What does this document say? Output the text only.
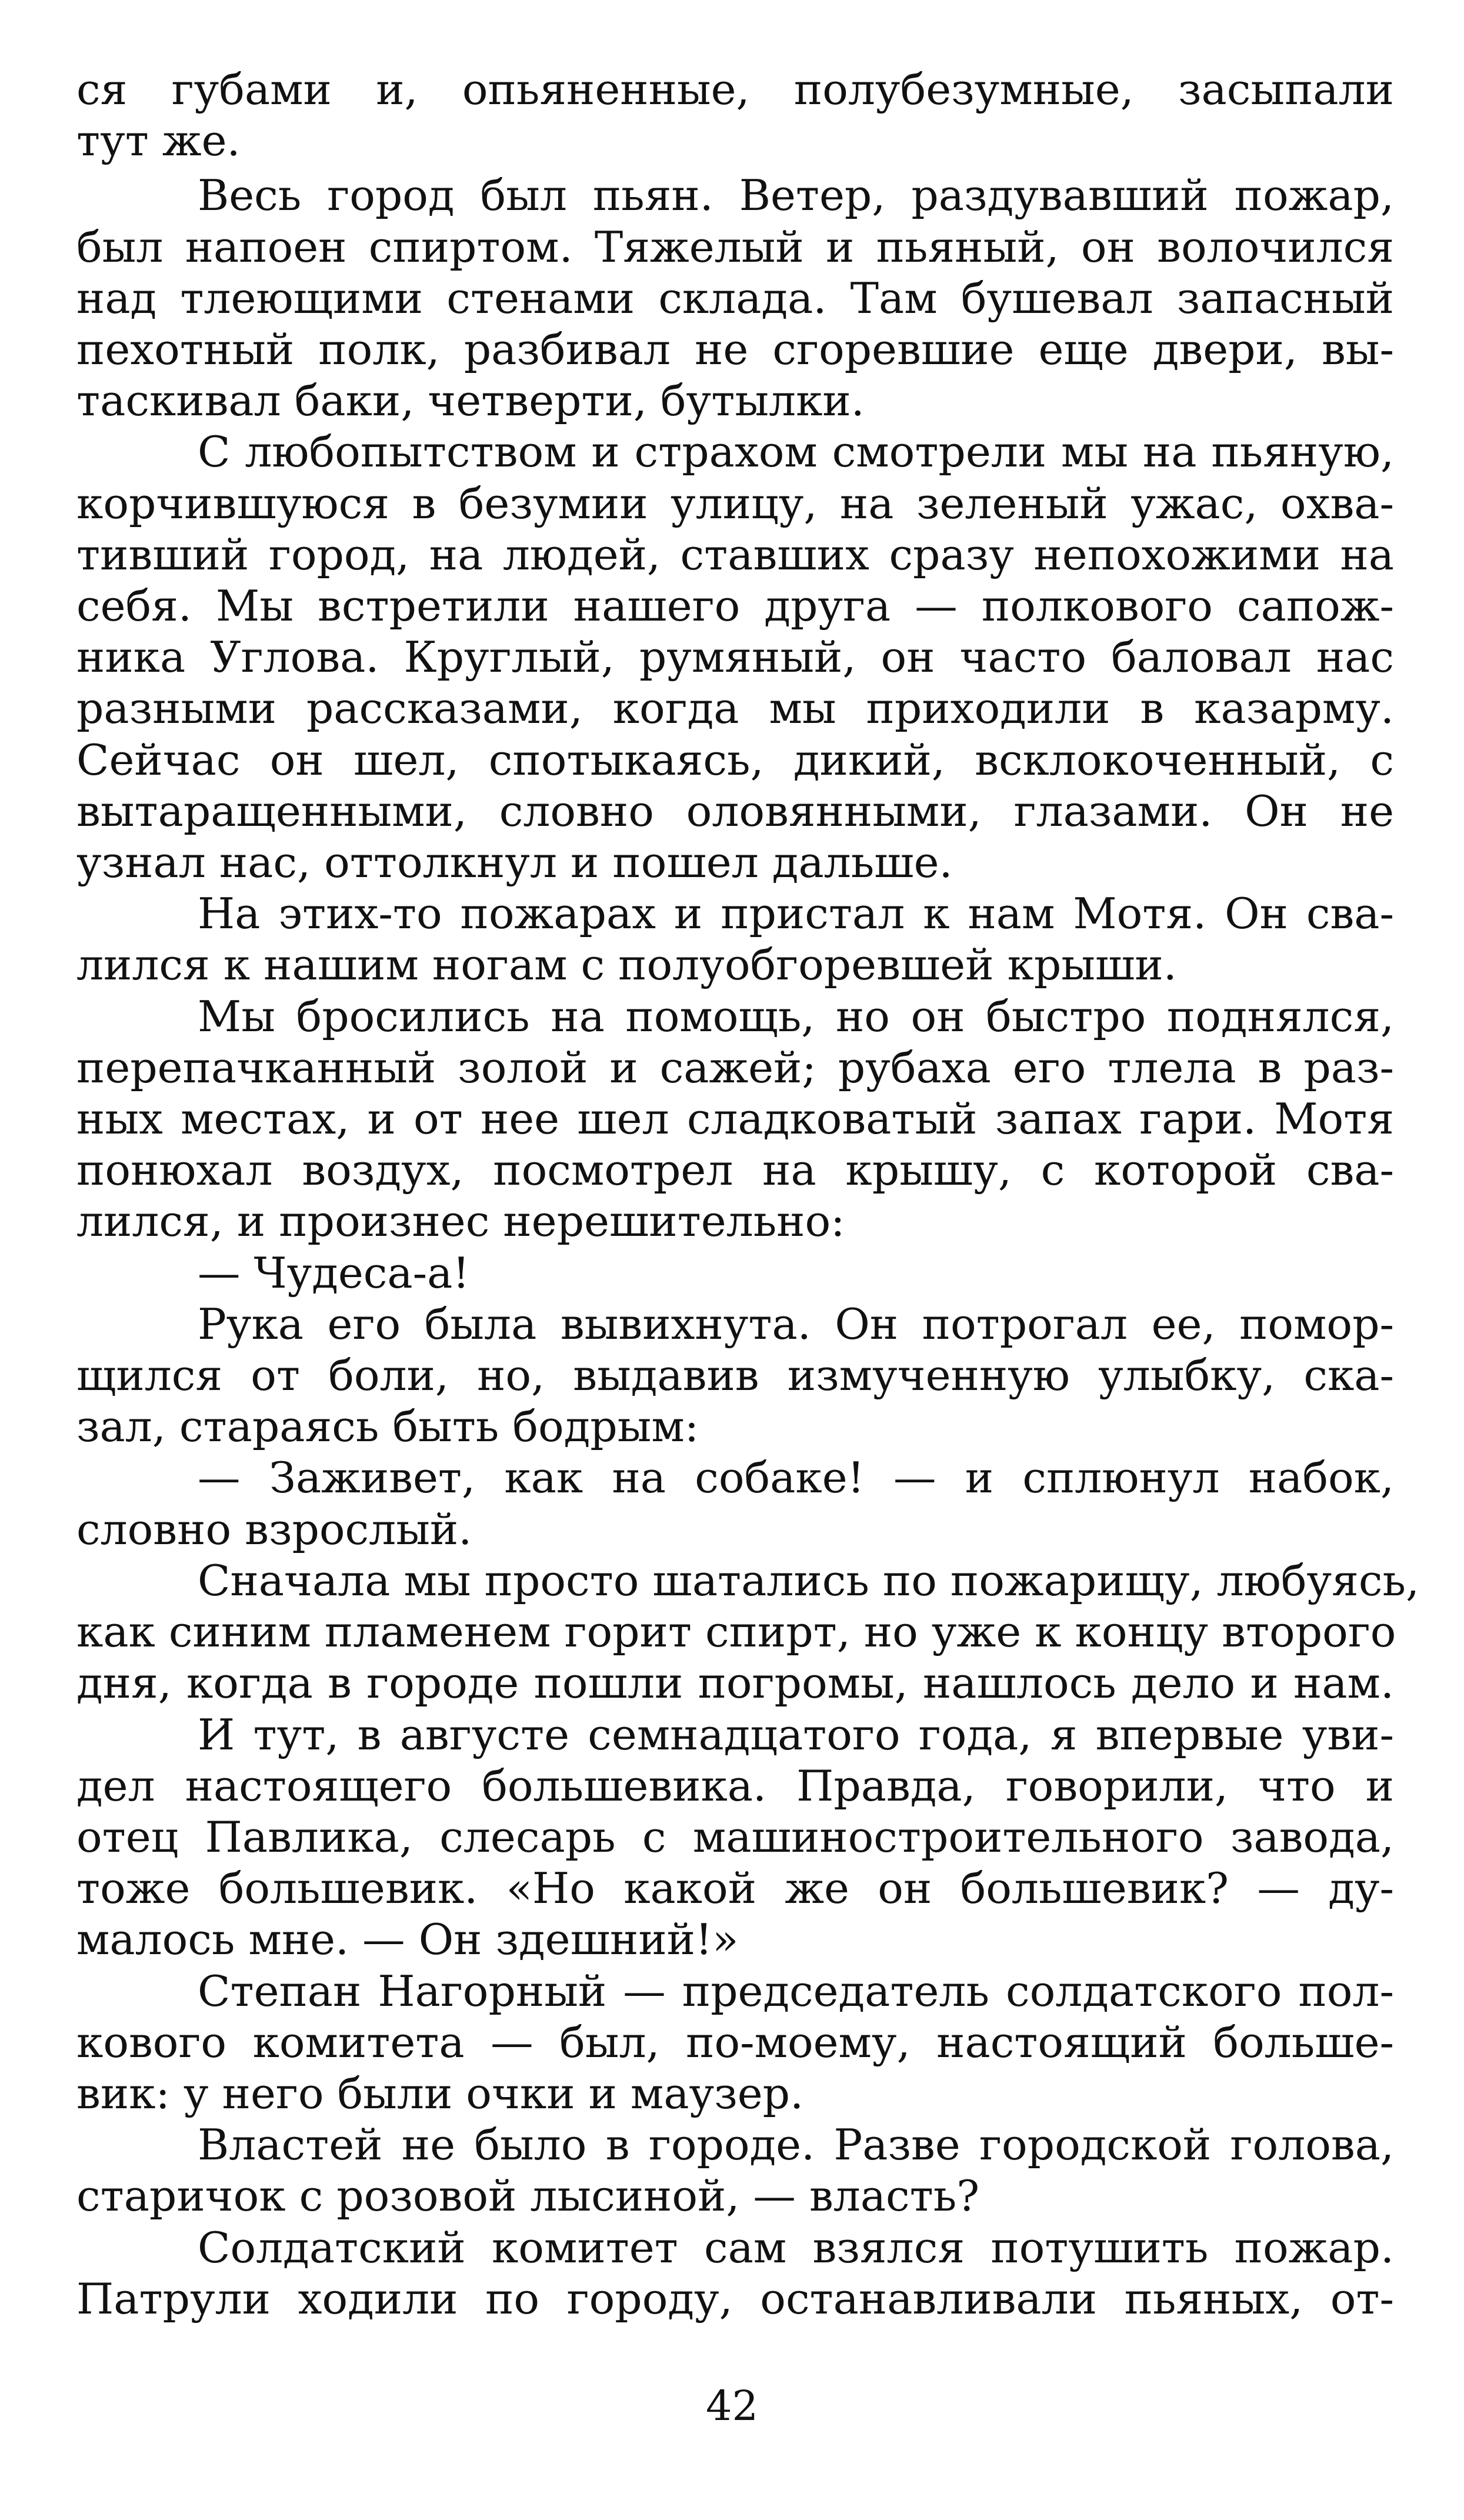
ся губами и, опьяненные, полубезумные, засыпали
тут же.
Весь город был пьян. Ветер, раздувавший пожар,
был напоен спиртом. Тяжелый и пьяный, он волочился
над тлеющими стенами склада. Там бушевал запасный
пехотный полк, разбивал не сгоревшие еще двери, вы-
таскивал баки, четверти, бутылки.
С любопытством и страхом смотрели мы на пьяную,
корчившуюся в безумии улицу, на зеленый ужас, охва-
тивший город, на людей, ставших сразу непохожими на
себя. Мы встретили нашего друга — полкового сапож-
ника Углова. Круглый, румяный, он часто баловал нас
разными рассказами, когда мы приходили в казарму.
Сейчас он шел, спотыкаясь, дикий, всклокоченный, с
вытаращенными, словно оловянными, глазами. Он не
узнал нас, оттолкнул и пошел дальше.
На этих-то пожарах и пристал к нам Мотя. Он сва-
лился к нашим ногам с полуобгоревшей крыши.
Мы бросились на помощь, но он быстро поднялся,
перепачканный золой и сажей; рубаха его тлела в раз-
ных местах, и от нее шел сладковатый запах гари. Мотя
понюхал воздух, посмотрел на крышу, с которой сва-
лился, и произнес нерешительно:
— Чудеса-а!
Рука его была вывихнута. Он потрогал ее, помор-
щился от боли, но, выдавив измученную улыбку, ска-
зал, стараясь быть бодрым:
— Заживет, как на собаке! — и сплюнул набок,
словно взрослый.
Сначала мы просто шатались по пожарищу, любуясь,
как синим пламенем горит спирт, но уже к концу второго
дня, когда в городе пошли погромы, нашлось дело и нам.
И тут, в августе семнадцатого года, я впервые уви-
дел настоящего большевика. Правда, говорили, что и
отец Павлика, слесарь с машиностроительного завода,
тоже большевик. «Но какой же он большевик? — ду-
малось мне. — Он здешний!»
Степан Нагорный — председатель солдатского пол-
кового комитета — был, по-моему, настоящий больше-
вик: у него были очки и маузер.
Властей не было в городе. Разве городской голова,
старичок с розовой лысиной, — власть?
Солдатский комитет сам взялся потушить пожар.
Патрули ходили по городу, останавливали пьяных, от-
42
